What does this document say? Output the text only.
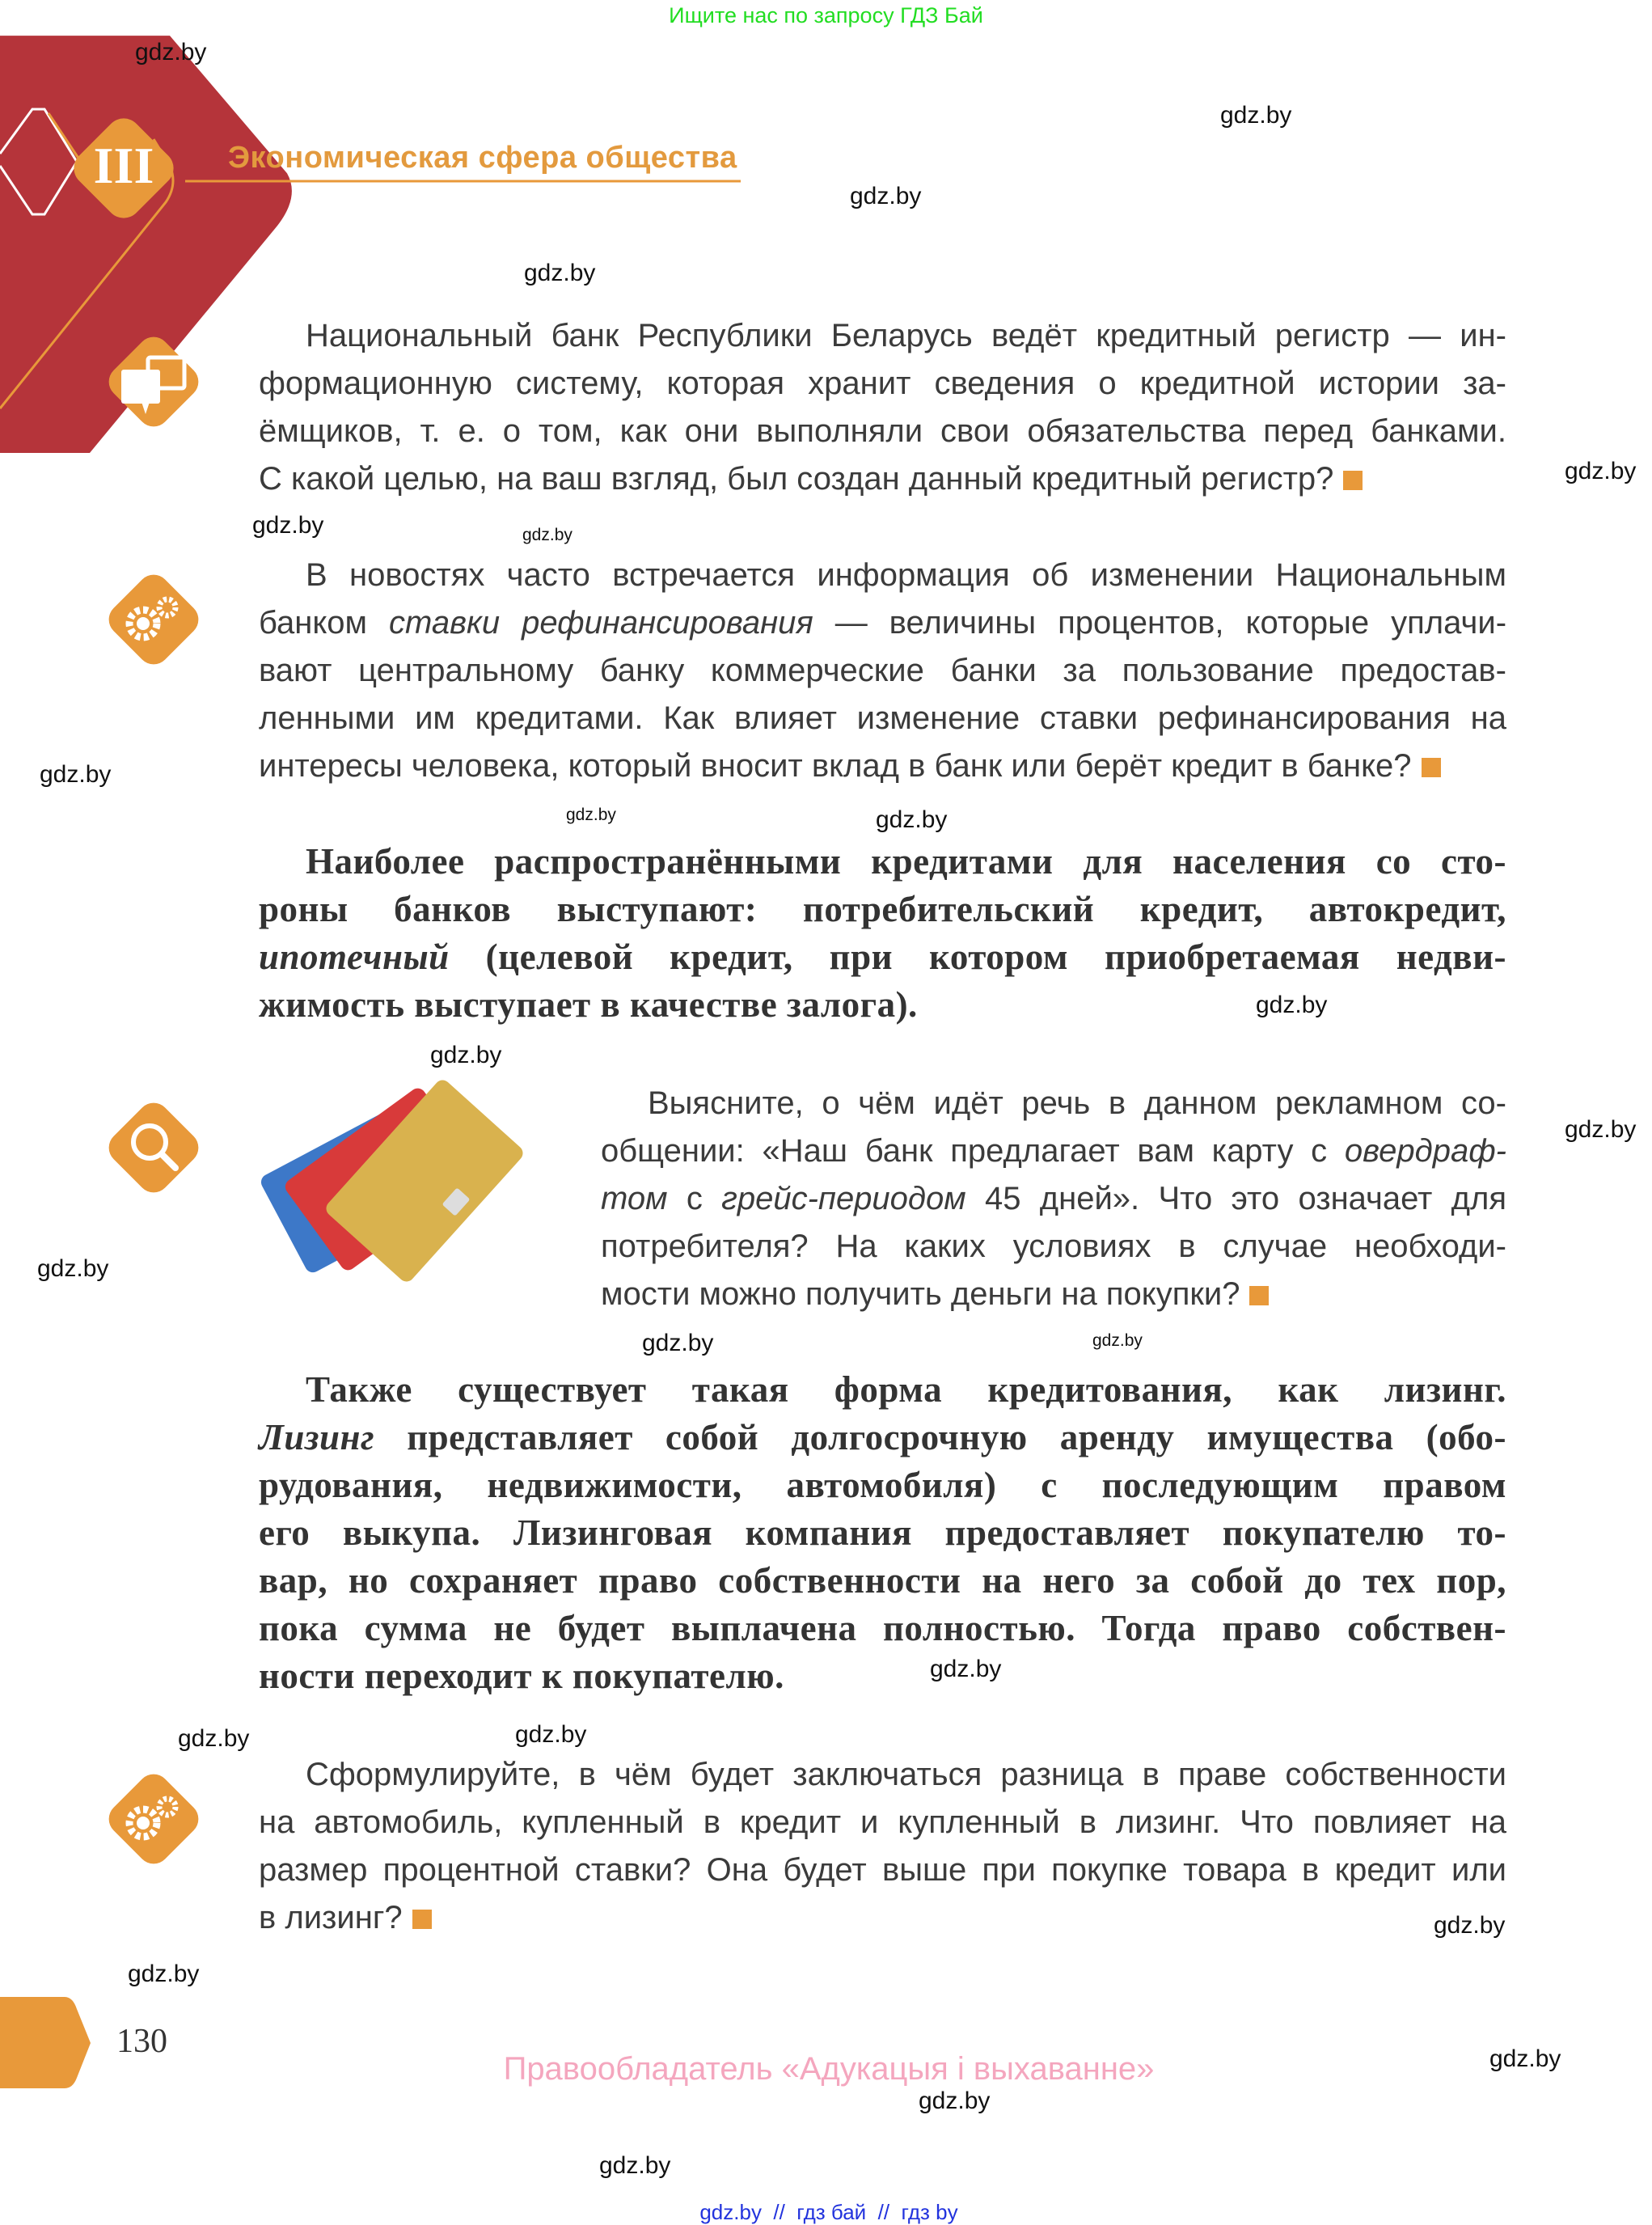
Ищите нас по запросу ГДЗ Бай
III	Экономическая сфера общества
Национальный банк Республики Беларусь ведёт кредитный регистр — ин-
формационную систему, которая хранит сведения о кредитной истории за-
ёмщиков, т. е. о том, как они выполняли свои обязательства перед банками.
С какой целью, на ваш взгляд, был создан данный кредитный регистр?
В новостях часто встречается информация об изменении Национальным
банком ставки рефинансирования — величины процентов, которые уплачи-
вают центральному банку коммерческие банки за пользование предостав-
ленными им кредитами. Как влияет изменение ставки рефинансирования на
интересы человека, который вносит вклад в банк или берёт кредит в банке?
Наиболее распространёнными кредитами для населения со сто-
роны банков выступают: потребительский кредит, автокредит,
ипотечный (целевой кредит, при котором приобретаемая недви-
жимость выступает в качестве залога).
Выясните, о чём идёт речь в данном рекламном со-
общении: «Наш банк предлагает вам карту с овердраф-
том с грейс-периодом 45 дней». Что это означает для
потребителя? На каких условиях в случае необходи-
мости можно получить деньги на покупки?
Также существует такая форма кредитования, как лизинг.
Лизинг представляет собой долгосрочную аренду имущества (обо-
рудования, недвижимости, автомобиля) с последующим правом
его выкупа. Лизинговая компания предоставляет покупателю то-
вар, но сохраняет право собственности на него за собой до тех пор,
пока сумма не будет выплачена полностью. Тогда право собствен-
ности переходит к покупателю.
Сформулируйте, в чём будет заключаться разница в праве собственности
на автомобиль, купленный в кредит и купленный в лизинг. Что повлияет на
размер процентной ставки? Она будет выше при покупке товара в кредит или
в лизинг?
130
Правообладатель «Адукацыя і выхаванне»
gdz.by  //  гдз бай  //  гдз by
gdz.by
gdz.by
gdz.by
gdz.by
gdz.by
gdz.by	gdz.by
gdz.by
gdz.by
gdz.by
gdz.by
gdz.by
gdz.by
gdz.by
gdz.by	gdz.by
gdz.by
gdz.by
gdz.by
gdz.by
gdz.by
gdz.by
gdz.by
gdz.by
